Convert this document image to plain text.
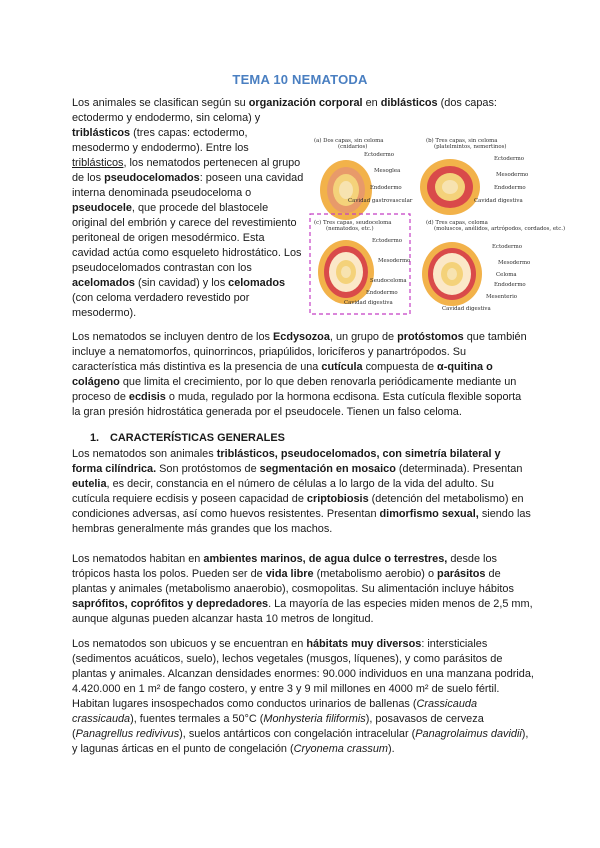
TEMA 10 NEMATODA

Los animales se clasifican según su organización corporal en diblásticos (dos capas:
ectodermo y endodermo, sin celoma) y

triblásticos (tres capas: ectodermo, mesodermo y endodermo). Entre los triblásticos, los nematodos pertenecen al grupo de los pseudocelomados: poseen una cavidad interna denominada pseudoceloma o pseudocele, que procede del blastocele original del embrión y carece del revestimiento peritoneal de origen mesodérmico. Esta cavidad actúa como esqueleto hidrostático. Los pseudocelomados contrastan con los acelomados (sin cavidad) y los celomados (con celoma verdadero revestido por mesodermo).

(a) Dos capas, sin celoma
(cnidarios)
Ectodermo
Mesoglea
Endodermo
Cavidad gastrovascular
(b) Tres capas, sin celoma
(platelmintos, nemertinos)
Ectodermo
Mesodermo
Endodermo
Cavidad digestiva
(c) Tres capas, seudoceloma
(nematodos, etc.)
Ectodermo
Mesodermo
Seudoceloma
Endodermo
Cavidad digestiva
(d) Tres capas, celoma
(moluscos, anélidos, artrópodos, cordados, etc.)
Ectodermo
Mesodermo
Celoma
Endodermo
Mesenterio
Cavidad digestiva

Los nematodos se incluyen dentro de los Ecdysozoa, un grupo de protóstomos que también incluye a nematomorfos, quinorrincos, priapúlidos, loricíferos y panartrópodos. Su característica más distintiva es la presencia de una cutícula compuesta de α-quitina o colágeno que limita el crecimiento, por lo que deben renovarla periódicamente mediante un proceso de ecdisis o muda, regulado por la hormona ecdisona. Esta cutícula flexible soporta la gran presión hidrostática generada por el pseudocele. Tienen un falso celoma.

1. CARACTERÍSTICAS GENERALES

Los nematodos son animales triblásticos, pseudocelomados, con simetría bilateral y forma cilíndrica. Son protóstomos de segmentación en mosaico (determinada). Presentan eutelia, es decir, constancia en el número de células a lo largo de la vida del adulto. Su cutícula requiere ecdisis y poseen capacidad de criptobiosis (detención del metabolismo) en condiciones adversas, así como huevos resistentes. Presentan dimorfismo sexual, siendo las hembras generalmente más grandes que los machos.

Los nematodos habitan en ambientes marinos, de agua dulce o terrestres, desde los trópicos hasta los polos. Pueden ser de vida libre (metabolismo aerobio) o parásitos de plantas y animales (metabolismo anaerobio), cosmopolitas. Su alimentación incluye hábitos saprófitos, coprófitos y depredadores. La mayoría de las especies miden menos de 2,5 mm, aunque algunas pueden alcanzar hasta 10 metros de longitud.

Los nematodos son ubicuos y se encuentran en hábitats muy diversos: intersticiales (sedimentos acuáticos, suelo), lechos vegetales (musgos, líquenes), y como parásitos de plantas y animales. Alcanzan densidades enormes: 90.000 individuos en una manzana podrida, 4.420.000 en 1 m² de fango costero, y entre 3 y 9 mil millones en 4000 m² de suelo fértil. Habitan lugares insospechados como conductos urinarios de ballenas (Crassicauda crassicauda), fuentes termales a 50°C (Monhysteria filiformis), posavasos de cerveza (Panagrellus redivivus), suelos antárticos con congelación intracelular (Panagrolaimus davidii), y lagunas árticas en el punto de congelación (Cryonema crassum).
